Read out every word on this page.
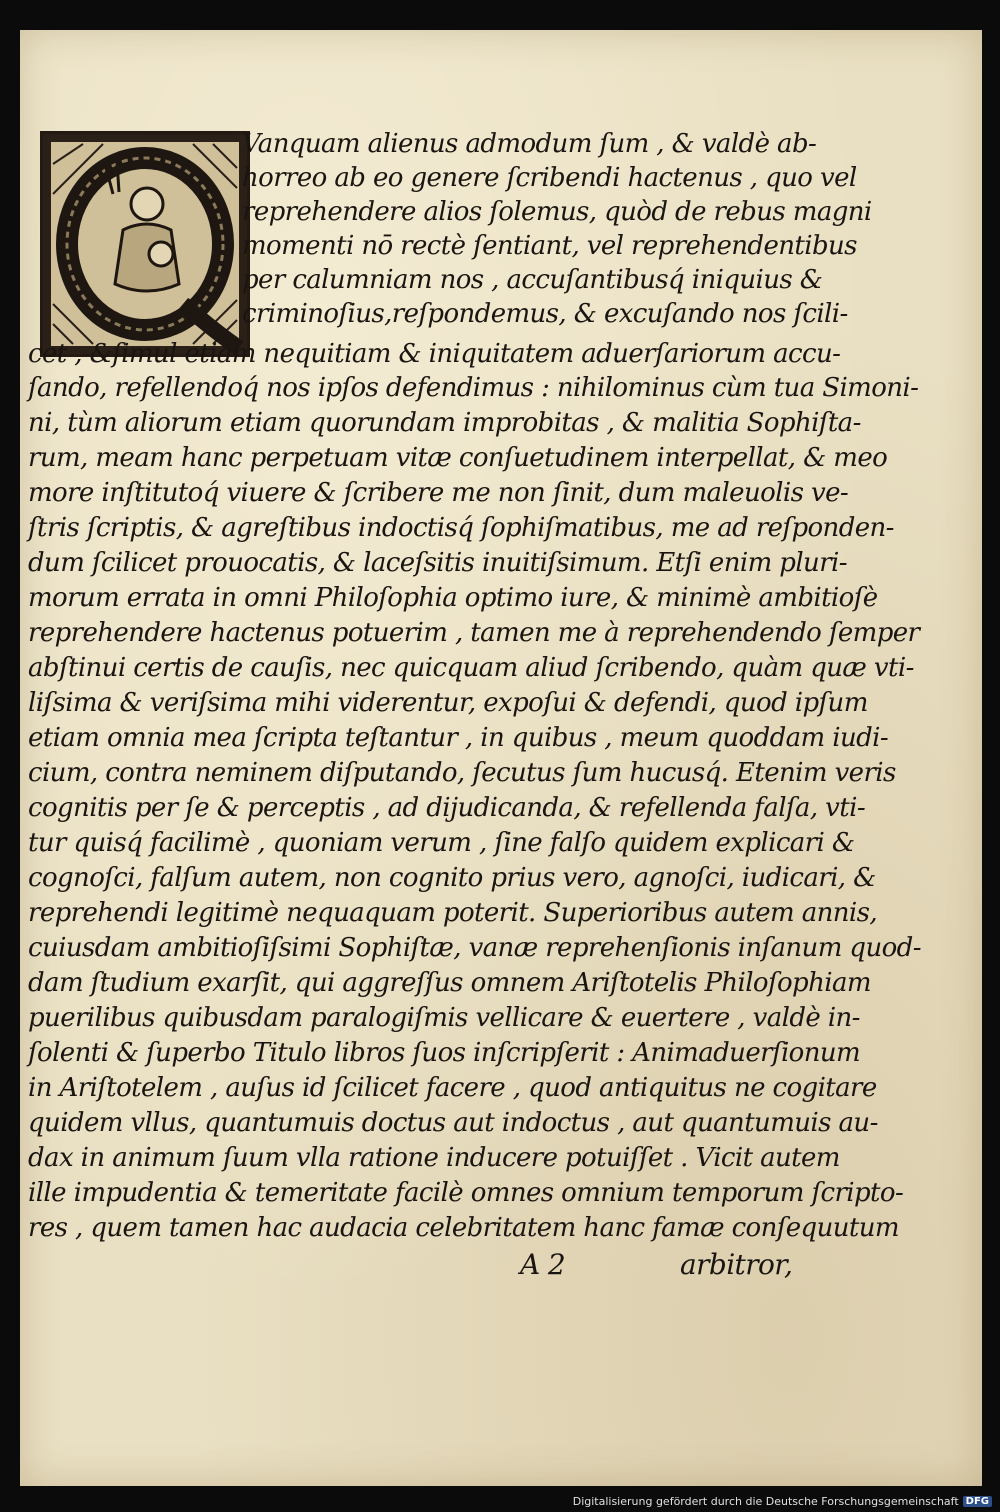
Vanquam alienus admodum ſum , & valdè ab-
horreo ab eo genere ſcribendi hactenus , quo vel
reprehendere alios ſolemus, quòd de rebus magni
momenti nō rectè ſentiant, vel reprehendentibus
per calumniam nos , accuſantibusq́ iniquius &
criminoſius,reſpondemus, & excuſando nos ſcili-
cet , &ſimul etiam nequitiam & iniquitatem aduerſariorum accu-
ſando, refellendoq́ nos ipſos defendimus : nihilominus cùm tua Simoni-
ni, tùm aliorum etiam quorundam improbitas , & malitia Sophiſta-
rum, meam hanc perpetuam vitæ conſuetudinem interpellat, & meo
more inſtitutoq́ viuere & ſcribere me non ſinit, dum maleuolis ve-
ſtris ſcriptis, & agreſtibus indoctisq́ ſophiſmatibus, me ad reſponden-
dum ſcilicet prouocatis, & laceſsitis inuitiſsimum. Etſi enim pluri-
morum errata in omni Philoſophia optimo iure, & minimè ambitioſè
reprehendere hactenus potuerim , tamen me à reprehendendo ſemper
abſtinui certis de cauſis, nec quicquam aliud ſcribendo, quàm quæ vti-
liſsima & veriſsima mihi viderentur, expoſui & defendi, quod ipſum
etiam omnia mea ſcripta teſtantur , in quibus , meum quoddam iudi-
cium, contra neminem diſputando, ſecutus ſum hucusq́. Etenim veris
cognitis per ſe & perceptis , ad dijudicanda, & refellenda falſa, vti-
tur quisq́ facilimè , quoniam verum , ſine falſo quidem explicari &
cognoſci, falſum autem, non cognito prius vero, agnoſci, iudicari, &
reprehendi legitimè nequaquam poterit. Superioribus autem annis,
cuiusdam ambitioſiſsimi Sophiſtæ, vanæ reprehenſionis inſanum quod-
dam ſtudium exarſit, qui aggreſſus omnem Ariſtotelis Philoſophiam
puerilibus quibusdam paralogiſmis vellicare & euertere , valdè in-
ſolenti & ſuperbo Titulo libros ſuos inſcripſerit : Animaduerſionum
in Ariſtotelem , auſus id ſcilicet facere , quod antiquitus ne cogitare
quidem vllus, quantumuis doctus aut indoctus , aut quantumuis au-
dax in animum ſuum vlla ratione inducere potuiſſet . Vicit autem
ille impudentia & temeritate facilè omnes omnium temporum ſcripto-
res , quem tamen hac audacia celebritatem hanc famæ conſequutum
A 2	arbitror,
Digitalisierung gefördert durch die Deutsche Forschungsgemeinschaft DFG
